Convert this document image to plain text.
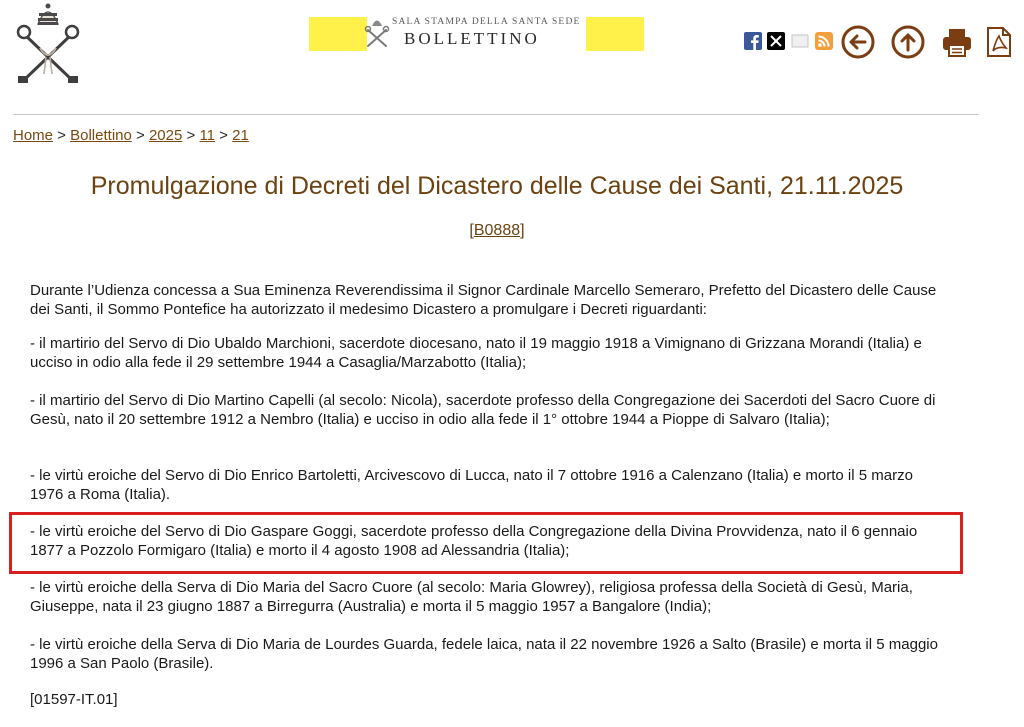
SALA STAMPA DELLA SANTA SEDE
BOLLETTINO
Home > Bollettino > 2025 > 11 > 21
Promulgazione di Decreti del Dicastero delle Cause dei Santi, 21.11.2025
[B0888]

Durante l’Udienza concessa a Sua Eminenza Reverendissima il Signor Cardinale Marcello Semeraro, Prefetto del Dicastero delle Cause dei Santi, il Sommo Pontefice ha autorizzato il medesimo Dicastero a promulgare i Decreti riguardanti:

- il martirio del Servo di Dio Ubaldo Marchioni, sacerdote diocesano, nato il 19 maggio 1918 a Vimignano di Grizzana Morandi (Italia) e ucciso in odio alla fede il 29 settembre 1944 a Casaglia/Marzabotto (Italia);

- il martirio del Servo di Dio Martino Capelli (al secolo: Nicola), sacerdote professo della Congregazione dei Sacerdoti del Sacro Cuore di Gesù, nato il 20 settembre 1912 a Nembro (Italia) e ucciso in odio alla fede il 1° ottobre 1944 a Pioppe di Salvaro (Italia);

- le virtù eroiche del Servo di Dio Enrico Bartoletti, Arcivescovo di Lucca, nato il 7 ottobre 1916 a Calenzano (Italia) e morto il 5 marzo 1976 a Roma (Italia).

- le virtù eroiche del Servo di Dio Gaspare Goggi, sacerdote professo della Congregazione della Divina Provvidenza, nato il 6 gennaio 1877 a Pozzolo Formigaro (Italia) e morto il 4 agosto 1908 ad Alessandria (Italia);

- le virtù eroiche della Serva di Dio Maria del Sacro Cuore (al secolo: Maria Glowrey), religiosa professa della Società di Gesù, Maria, Giuseppe, nata il 23 giugno 1887 a Birregurra (Australia) e morta il 5 maggio 1957 a Bangalore (India);

- le virtù eroiche della Serva di Dio Maria de Lourdes Guarda, fedele laica, nata il 22 novembre 1926 a Salto (Brasile) e morta il 5 maggio 1996 a San Paolo (Brasile).

[01597-IT.01]
